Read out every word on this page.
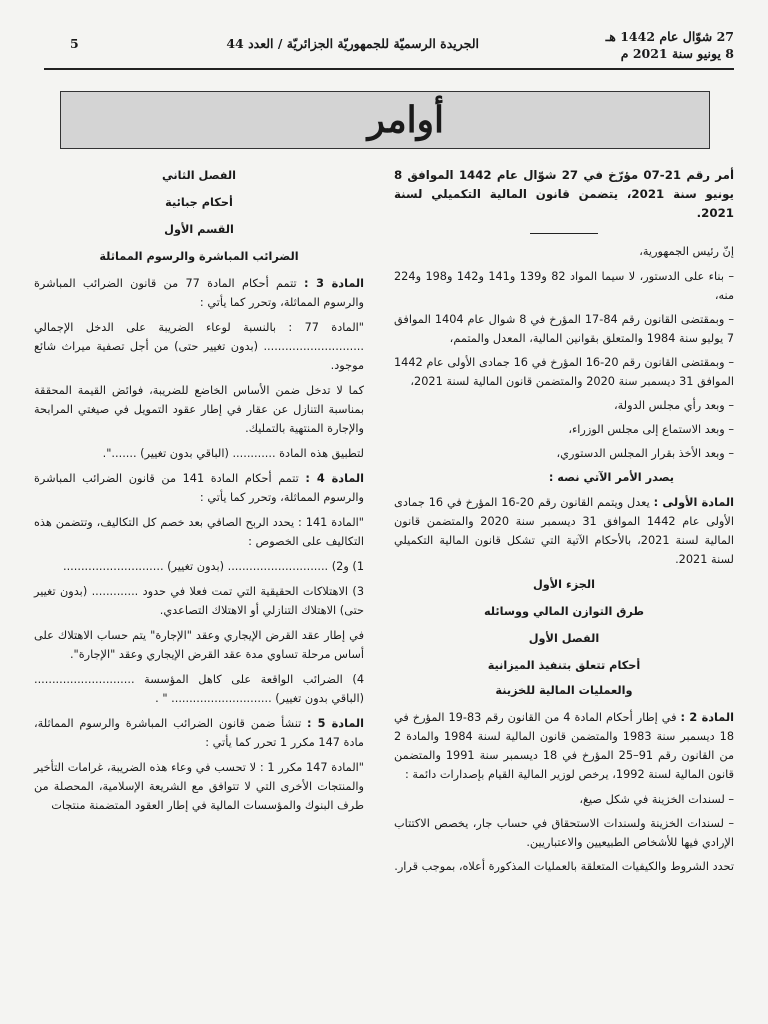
27 شوّال عام 1442 هـ
8 يونيو سنة 2021 م
الجريدة الرسميّة للجمهوريّة الجزائريّة / العدد 44
5
أوامر

أمر رقم 21-07 مؤرّخ في 27 شوّال عام 1442 الموافق 8 يونيو سنة 2021، يتضمن قانون المالية التكميلي لسنة 2021.

إنّ رئيس الجمهورية،

– بناء على الدستور، لا سيما المواد 82 و139 و141 و142 و198 و224 منه،

– وبمقتضى القانون رقم 84-17 المؤرخ في 8 شوال عام 1404 الموافق 7 يوليو سنة 1984 والمتعلق بقوانين المالية، المعدل والمتمم،

– وبمقتضى القانون رقم 20-16 المؤرخ في 16 جمادى الأولى عام 1442 الموافق 31 ديسمبر سنة 2020 والمتضمن قانون المالية لسنة 2021،

– وبعد رأي مجلس الدولة،

– وبعد الاستماع إلى مجلس الوزراء،

– وبعد الأخذ بقرار المجلس الدستوري،

يصدر الأمر الآتي نصه :

المادة الأولى : يعدل ويتمم القانون رقم 20-16 المؤرخ في 16 جمادى الأولى عام 1442 الموافق 31 ديسمبر سنة 2020 والمتضمن قانون المالية لسنة 2021، بالأحكام الآتية التي تشكل قانون المالية التكميلي لسنة 2021.

الجزء الأول
طرق التوازن المالي ووسائله
الفصل الأول
أحكام تتعلق بتنفيذ الميزانية
والعمليات المالية للخزينة

المادة 2 : في إطار أحكام المادة 4 من القانون رقم 83-19 المؤرخ في 18 ديسمبر سنة 1983 والمتضمن قانون المالية لسنة 1984 والمادة 2 من القانون رقم 91–25 المؤرخ في 18 ديسمبر سنة 1991 والمتضمن قانون المالية لسنة 1992، يرخص لوزير المالية القيام بإصدارات دائمة :

– لسندات الخزينة في شكل صيغ،

– لسندات الخزينة ولسندات الاستحقاق في حساب جار، يخصص الاكتتاب الإرادي فيها للأشخاص الطبيعيين والاعتباريين.

تحدد الشروط والكيفيات المتعلقة بالعمليات المذكورة أعلاه، بموجب قرار.

الفصل الثاني
أحكام جبائية
القسم الأول
الضرائب المباشرة والرسوم المماثلة

المادة 3 : تتمم أحكام المادة 77 من قانون الضرائب المباشرة والرسوم المماثلة، وتحرر كما يأتي :

"المادة 77 : بالنسبة لوعاء الضريبة على الدخل الإجمالي ............................ (بدون تغيير حتى) من أجل تصفية ميراث شائع موجود.

كما لا تدخل ضمن الأساس الخاضع للضريبة، فوائض القيمة المحققة بمناسبة التنازل عن عقار في إطار عقود التمويل في صيغتي المرابحة والإجارة المنتهية بالتمليك.

لتطبيق هذه المادة ............ (الباقي بدون تغيير) .......".

المادة 4 : تتمم أحكام المادة 141 من قانون الضرائب المباشرة والرسوم المماثلة، وتحرر كما يأتي :

"المادة 141 : يحدد الربح الصافي بعد خصم كل التكاليف، وتتضمن هذه التكاليف على الخصوص :

1) و2) ............................ (بدون تغيير) ............................

3) الاهتلاكات الحقيقية التي تمت فعلا في حدود ............. (بدون تغيير حتى) الاهتلاك التنازلي أو الاهتلاك التصاعدي.

في إطار عقد القرض الإيجاري وعقد "الإجارة" يتم حساب الاهتلاك على أساس مرحلة تساوي مدة عقد القرض الإيجاري وعقد "الإجارة".

4) الضرائب الواقعة على كاهل المؤسسة ............................ (الباقي بدون تغيير) ............................ " .

المادة 5 : تنشأ ضمن قانون الضرائب المباشرة والرسوم المماثلة، مادة 147 مكرر 1 تحرر كما يأتي :

"المادة 147 مكرر 1 : لا تحسب في وعاء هذه الضريبة، غرامات التأخير والمنتجات الأخرى التي لا تتوافق مع الشريعة الإسلامية، المحصلة من طرف البنوك والمؤسسات المالية في إطار العقود المتضمنة منتجات
